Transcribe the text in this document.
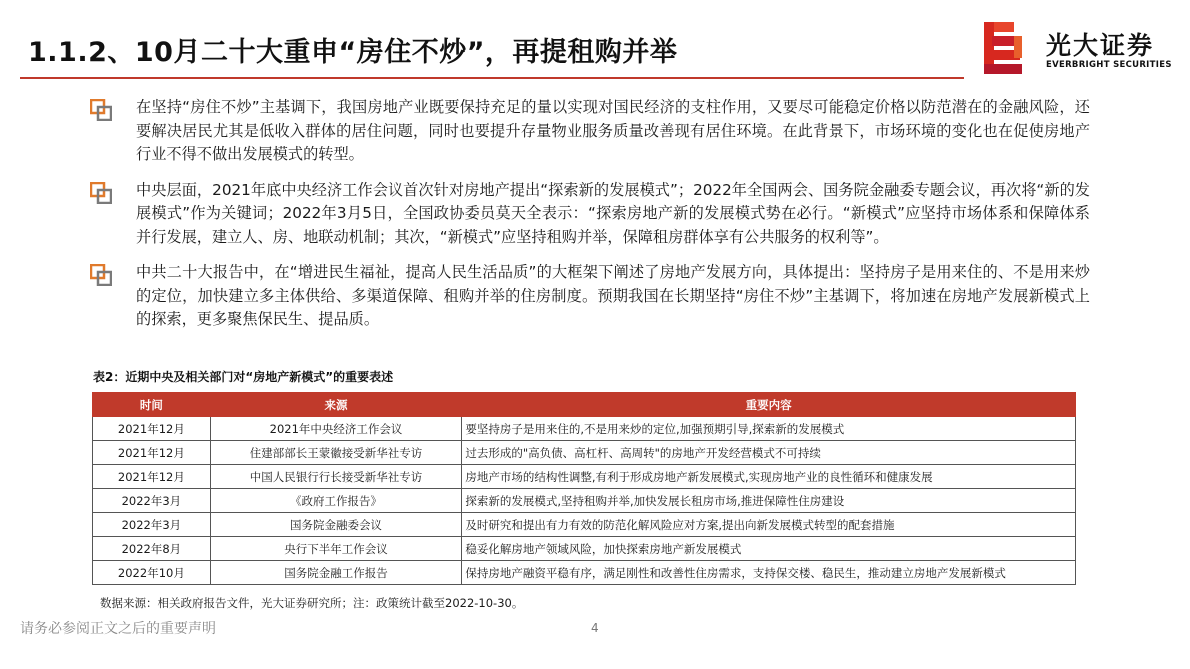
1.1.2、10月二十大重申“房住不炒”，再提租购并举	光大证券
EVERBRIGHT SECURITIES
在坚持“房住不炒”主基调下，我国房地产业既要保持充足的量以实现对国民经济的支柱作用，又要尽可能稳定价格以防范潜在的金融风险，还要解决居民尤其是低收入群体的居住问题，同时也要提升存量物业服务质量改善现有居住环境。在此背景下，市场环境的变化也在促使房地产行业不得不做出发展模式的转型。
中央层面，2021年底中央经济工作会议首次针对房地产提出“探索新的发展模式”；2022年全国两会、国务院金融委专题会议，再次将“新的发展模式”作为关键词；2022年3月5日，全国政协委员莫天全表示：“探索房地产新的发展模式势在必行。“新模式”应坚持市场体系和保障体系并行发展，建立人、房、地联动机制；其次，“新模式”应坚持租购并举，保障租房群体享有公共服务的权利等”。
中共二十大报告中，在“增进民生福祉，提高人民生活品质”的大框架下阐述了房地产发展方向，具体提出：坚持房子是用来住的、不是用来炒的定位，加快建立多主体供给、多渠道保障、租购并举的住房制度。预期我国在长期坚持“房住不炒”主基调下，将加速在房地产发展新模式上的探索，更多聚焦保民生、提品质。
表2：近期中央及相关部门对“房地产新模式”的重要表述
时间	来源	重要内容
2021年12月	2021年中央经济工作会议	要坚持房子是用来住的,不是用来炒的定位,加强预期引导,探索新的发展模式
2021年12月	住建部部长王蒙徽接受新华社专访	过去形成的"高负债、高杠杆、高周转"的房地产开发经营模式不可持续
2021年12月	中国人民银行行长接受新华社专访	房地产市场的结构性调整,有利于形成房地产新发展模式,实现房地产业的良性循环和健康发展
2022年3月	《政府工作报告》	探索新的发展模式,坚持租购并举,加快发展长租房市场,推进保障性住房建设
2022年3月	国务院金融委会议	及时研究和提出有力有效的防范化解风险应对方案,提出向新发展模式转型的配套措施
2022年8月	央行下半年工作会议	稳妥化解房地产领域风险，加快探索房地产新发展模式
2022年10月	国务院金融工作报告	保持房地产融资平稳有序，满足刚性和改善性住房需求，支持保交楼、稳民生，推动建立房地产发展新模式
数据来源：相关政府报告文件，光大证券研究所；注：政策统计截至2022-10-30。
请务必参阅正文之后的重要声明	4
